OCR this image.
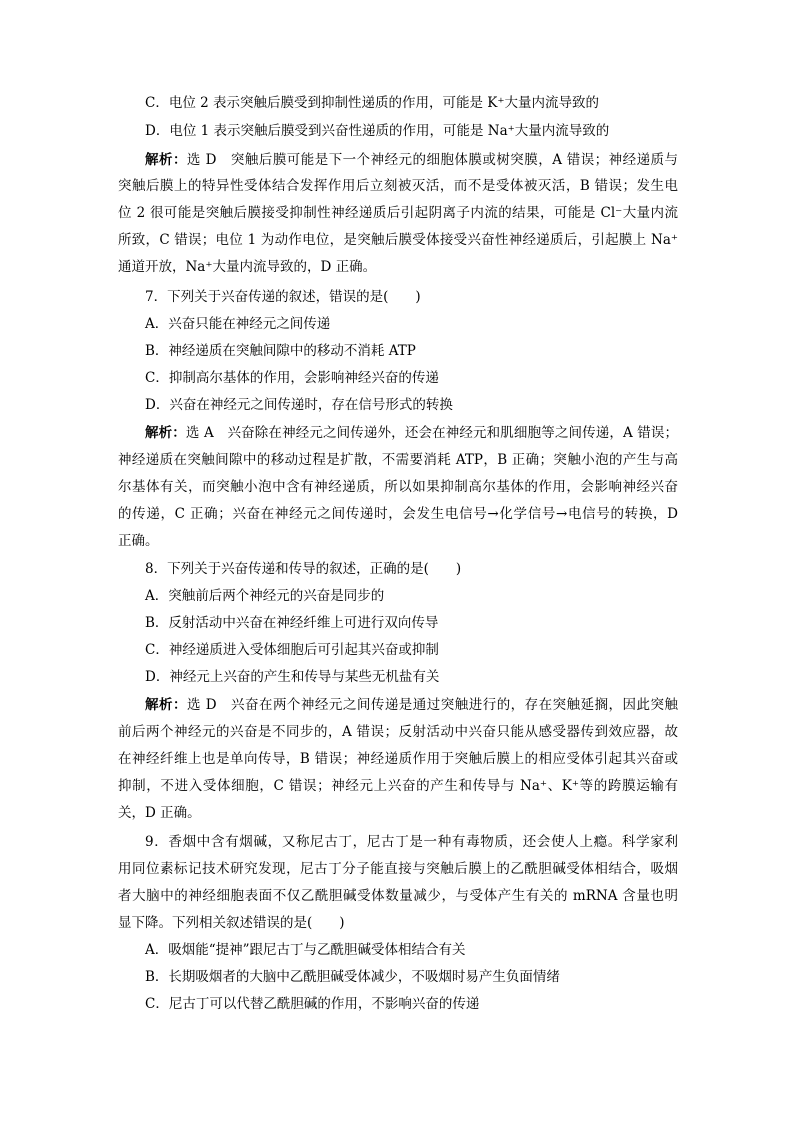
C．电位 2 表示突触后膜受到抑制性递质的作用，可能是 K⁺大量内流导致的
D．电位 1 表示突触后膜受到兴奋性递质的作用，可能是 Na⁺大量内流导致的
解析：选 D　突触后膜可能是下一个神经元的细胞体膜或树突膜，A 错误；神经递质与
突触后膜上的特异性受体结合发挥作用后立刻被灭活，而不是受体被灭活，B 错误；发生电
位 2 很可能是突触后膜接受抑制性神经递质后引起阴离子内流的结果，可能是 Cl⁻大量内流
所致，C 错误；电位 1 为动作电位，是突触后膜受体接受兴奋性神经递质后，引起膜上 Na⁺
通道开放，Na⁺大量内流导致的，D 正确。
7．下列关于兴奋传递的叙述，错误的是(　　)
A．兴奋只能在神经元之间传递
B．神经递质在突触间隙中的移动不消耗 ATP
C．抑制高尔基体的作用，会影响神经兴奋的传递
D．兴奋在神经元之间传递时，存在信号形式的转换
解析：选 A　兴奋除在神经元之间传递外，还会在神经元和肌细胞等之间传递，A 错误；
神经递质在突触间隙中的移动过程是扩散，不需要消耗 ATP，B 正确；突触小泡的产生与高
尔基体有关，而突触小泡中含有神经递质，所以如果抑制高尔基体的作用，会影响神经兴奋
的传递，C 正确；兴奋在神经元之间传递时，会发生电信号→化学信号→电信号的转换，D
正确。
8．下列关于兴奋传递和传导的叙述，正确的是(　　)
A．突触前后两个神经元的兴奋是同步的
B．反射活动中兴奋在神经纤维上可进行双向传导
C．神经递质进入受体细胞后可引起其兴奋或抑制
D．神经元上兴奋的产生和传导与某些无机盐有关
解析：选 D　兴奋在两个神经元之间传递是通过突触进行的，存在突触延搁，因此突触
前后两个神经元的兴奋是不同步的，A 错误；反射活动中兴奋只能从感受器传到效应器，故
在神经纤维上也是单向传导，B 错误；神经递质作用于突触后膜上的相应受体引起其兴奋或
抑制，不进入受体细胞，C 错误；神经元上兴奋的产生和传导与 Na⁺、K⁺等的跨膜运输有
关，D 正确。
9．香烟中含有烟碱，又称尼古丁，尼古丁是一种有毒物质，还会使人上瘾。科学家利
用同位素标记技术研究发现，尼古丁分子能直接与突触后膜上的乙酰胆碱受体相结合，吸烟
者大脑中的神经细胞表面不仅乙酰胆碱受体数量减少，与受体产生有关的 mRNA 含量也明
显下降。下列相关叙述错误的是(　　)
A．吸烟能“提神”跟尼古丁与乙酰胆碱受体相结合有关
B．长期吸烟者的大脑中乙酰胆碱受体减少，不吸烟时易产生负面情绪
C．尼古丁可以代替乙酰胆碱的作用，不影响兴奋的传递
